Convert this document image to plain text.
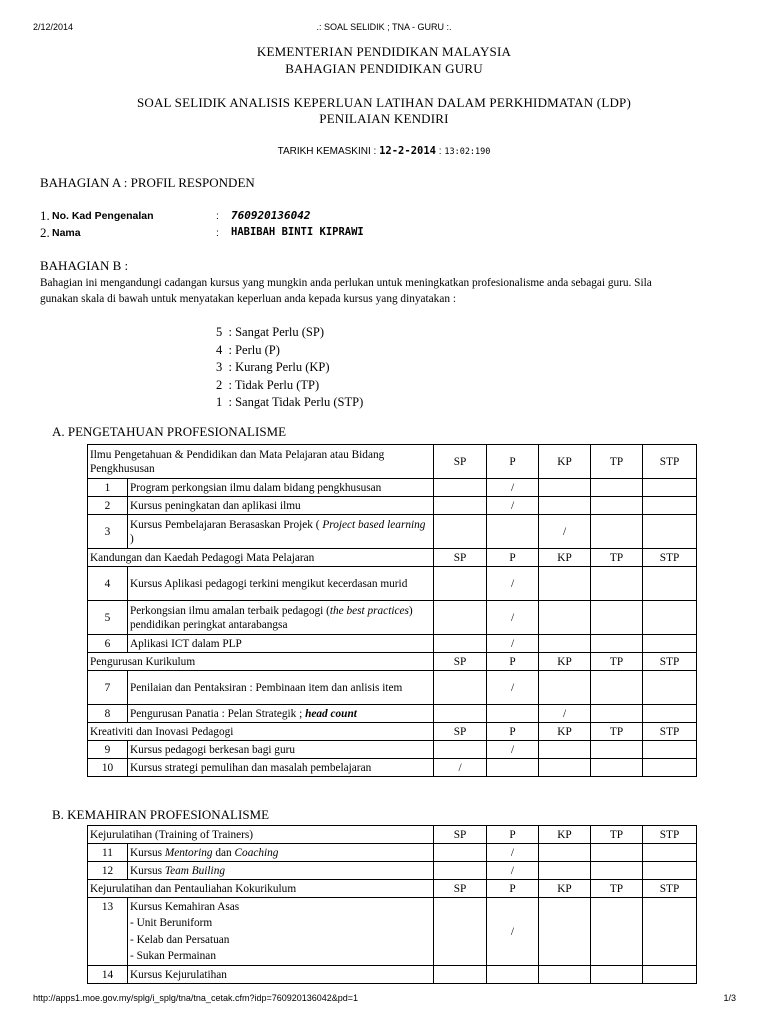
2/12/2014	.: SOAL SELIDIK ; TNA - GURU :.
http://apps1.moe.gov.my/splg/i_splg/tna/tna_cetak.cfm?idp=760920136042&pd=1	1/3
KEMENTERIAN PENDIDIKAN MALAYSIA
BAHAGIAN PENDIDIKAN GURU
SOAL SELIDIK ANALISIS KEPERLUAN LATIHAN DALAM PERKHIDMATAN (LDP)
PENILAIAN KENDIRI
TARIKH KEMASKINI : 12-2-2014 : 13:02:190
BAHAGIAN A : PROFIL RESPONDEN
1. No. Kad Pengenalan	: 760920136042
2. Nama	: HABIBAH BINTI KIPRAWI
BAHAGIAN B :
Bahagian ini mengandungi cadangan kursus yang mungkin anda perlukan untuk meningkatkan profesionalisme anda sebagai guru. Sila
gunakan skala di bawah untuk menyatakan keperluan anda kepada kursus yang dinyatakan :
5  : Sangat Perlu (SP)
4  : Perlu (P)
3  : Kurang Perlu (KP)
2  : Tidak Perlu (TP)
1  : Sangat Tidak Perlu (STP)
A. PENGETAHUAN PROFESIONALISME
Ilmu Pengetahuan & Pendidikan dan Mata Pelajaran atau Bidang Pengkhususan		SP	P	KP	TP	STP
1	Program perkongsian ilmu dalam bidang pengkhususan		/			
2	Kursus peningkatan dan aplikasi ilmu		/			
3	Kursus Pembelajaran Berasaskan Projek ( Project based learning )			/		
Kandungan dan Kaedah Pedagogi Mata Pelajaran		SP	P	KP	TP	STP
4	Kursus Aplikasi pedagogi terkini mengikut kecerdasan murid		/			
5	Perkongsian ilmu amalan terbaik pedagogi (the best practices) pendidikan peringkat antarabangsa		/			
6	Aplikasi ICT dalam PLP		/			
Pengurusan Kurikulum		SP	P	KP	TP	STP
7	Penilaian dan Pentaksiran : Pembinaan item dan anlisis item		/			
8	Pengurusan Panatia : Pelan Strategik ; head count			/		
Kreativiti dan Inovasi Pedagogi		SP	P	KP	TP	STP
9	Kursus pedagogi berkesan bagi guru		/			
10	Kursus strategi pemulihan dan masalah pembelajaran	/				
B. KEMAHIRAN PROFESIONALISME
Kejurulatihan (Training of Trainers)		SP	P	KP	TP	STP
11	Kursus Mentoring dan Coaching		/			
12	Kursus Team Builing		/			
Kejurulatihan dan Pentauliahan Kokurikulum		SP	P	KP	TP	STP
13	Kursus Kemahiran Asas
- Unit Beruniform
- Kelab dan Persatuan
- Sukan Permainan		/			
14	Kursus Kejurulatihan					
